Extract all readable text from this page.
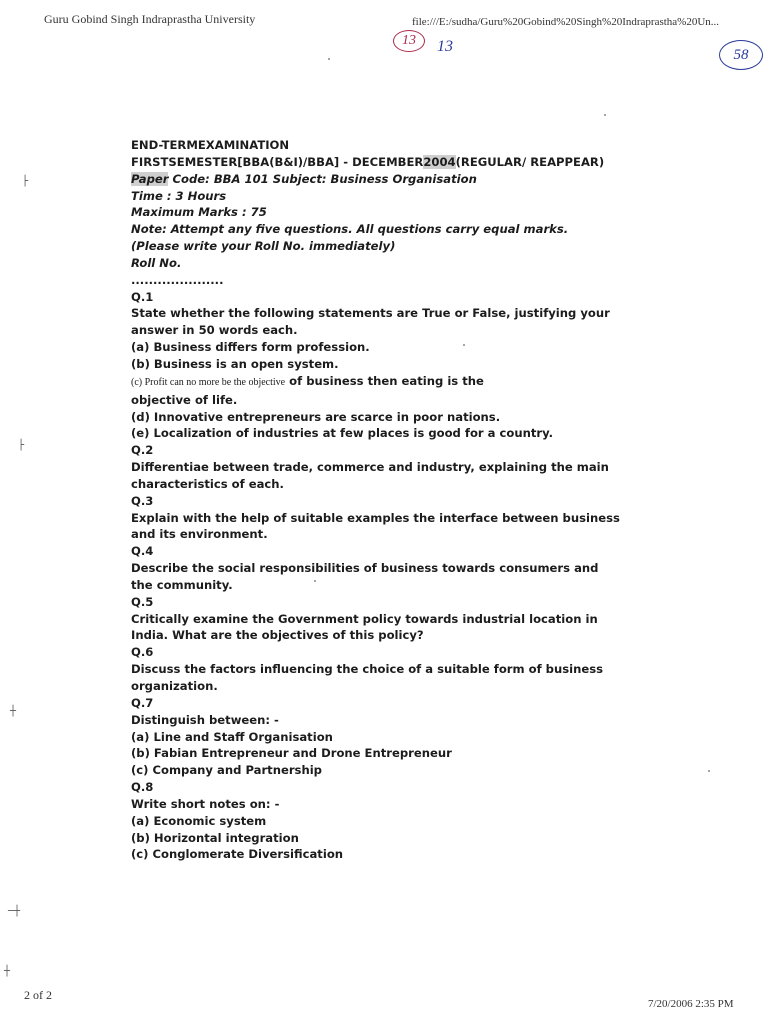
Guru Gobind Singh Indraprastha University	file:///E:/sudha/Guru%20Gobind%20Singh%20Indraprastha%20Un...
13	13	58
END-TERMEXAMINATION
FIRSTSEMESTER[BBA(B&I)/BBA] - DECEMBER2004(REGULAR/ REAPPEAR)
Paper Code: BBA 101 Subject: Business Organisation
Time : 3 Hours
Maximum Marks : 75
Note: Attempt any five questions. All questions carry equal marks.
(Please write your Roll No. immediately)
Roll No.
.....................
Q.1
State whether the following statements are True or False, justifying your
answer in 50 words each.
(a) Business differs form profession.
(b) Business is an open system.
(c) Profit can no more be the objective of business then eating is the
objective of life.
(d) Innovative entrepreneurs are scarce in poor nations.
(e) Localization of industries at few places is good for a country.
Q.2
Differentiae between trade, commerce and industry, explaining the main
characteristics of each.
Q.3
Explain with the help of suitable examples the interface between business
and its environment.
Q.4
Describe the social responsibilities of business towards consumers and
the community.
Q.5
Critically examine the Government policy towards industrial location in
India. What are the objectives of this policy?
Q.6
Discuss the factors influencing the choice of a suitable form of business
organization.
Q.7
Distinguish between: -
(a) Line and Staff Organisation
(b) Fabian Entrepreneur and Drone Entrepreneur
(c) Company and Partnership
Q.8
Write short notes on: -
(a) Economic system
(b) Horizontal integration
(c) Conglomerate Diversification
2 of 2
7/20/2006 2:35 PM
├
├
┼
─┼
┼
